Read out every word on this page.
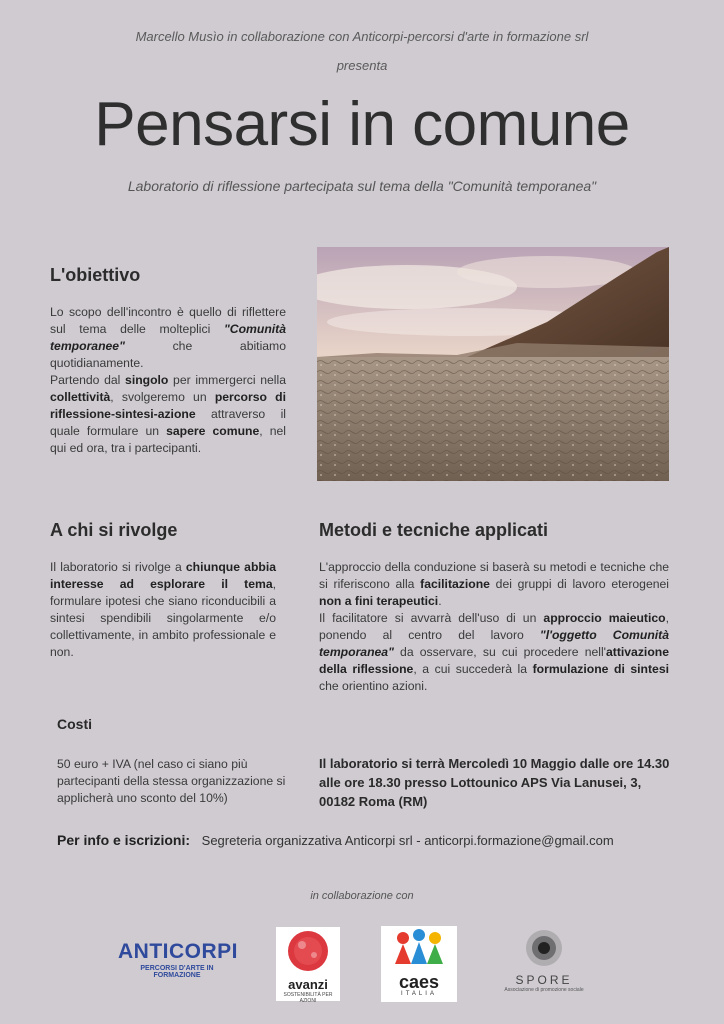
Marcello Musìo in collaborazione con Anticorpi-percorsi d'arte in formazione srl
presenta
Pensarsi in comune
Laboratorio di riflessione partecipata sul tema della "Comunità temporanea"
L'obiettivo
Lo scopo dell'incontro è quello di riflettere sul tema delle molteplici "Comunità temporanee" che abitiamo quotidianamente.
Partendo dal singolo per immergerci nella collettività, svolgeremo un percorso di riflessione-sintesi-azione attraverso il quale formulare un sapere comune, nel qui ed ora, tra i partecipanti.
A chi si rivolge
Il laboratorio si rivolge a chiunque abbia interesse ad esplorare il tema, formulare ipotesi che siano riconducibili a sintesi spendibili singolarmente e/o collettivamente, in ambito professionale e non.
Metodi e tecniche applicati
L'approccio della conduzione si baserà su metodi e tecniche che si riferiscono alla facilitazione dei gruppi di lavoro eterogenei non a fini terapeutici.
Il facilitatore si avvarrà dell'uso di un approccio maieutico, ponendo al centro del lavoro "l'oggetto Comunità temporanea" da osservare, su cui procedere nell'attivazione della riflessione, a cui succederà la formulazione di sintesi che orientino azioni.
Costi
50 euro + IVA (nel caso ci siano più partecipanti della stessa organizzazione si applicherà uno sconto del 10%)
Il laboratorio si terrà Mercoledì 10 Maggio dalle ore 14.30 alle ore 18.30 presso Lottounico APS Via Lanusei, 3, 00182 Roma (RM)
Per info e iscrizioni: Segreteria organizzativa Anticorpi srl - anticorpi.formazione@gmail.com
in collaborazione con
ANTICORPI
PERCORSI D'ARTE IN FORMAZIONE
avanzi
SOSTENIBILITÀ PER AZIONI
caes
ITALIA
SPORE
Associazione di promozione sociale
